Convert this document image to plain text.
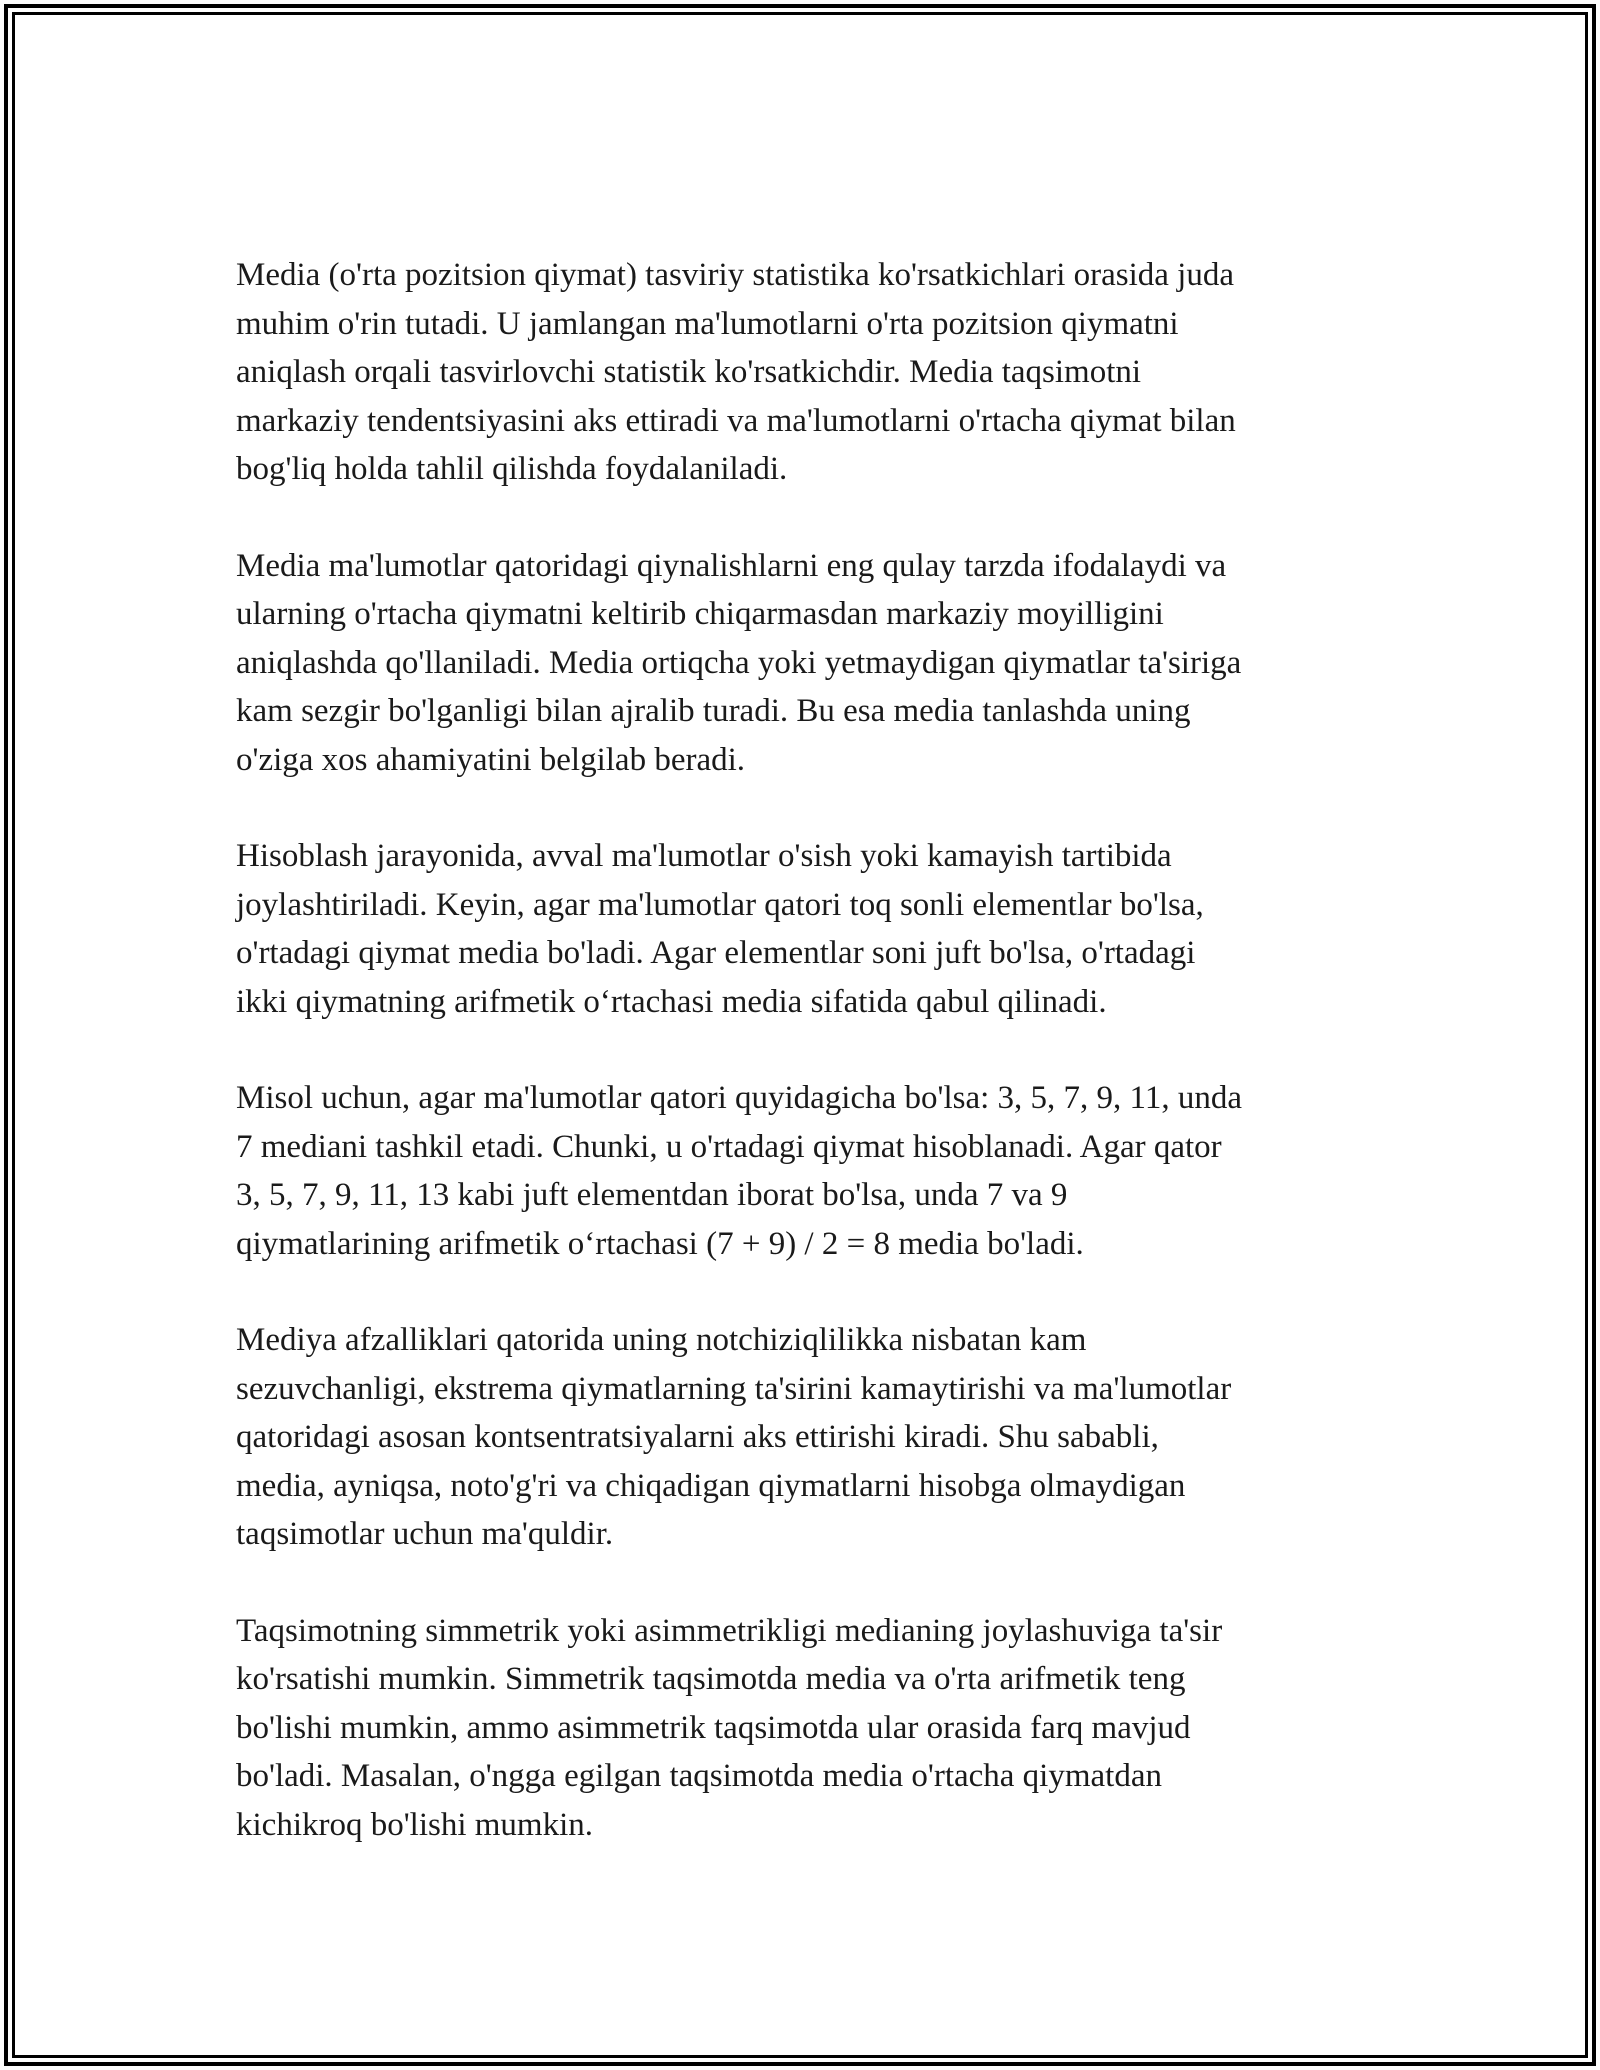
Media (o'rta pozitsion qiymat) tasviriy statistika ko'rsatkichlari orasida juda
muhim o'rin tutadi. U jamlangan ma'lumotlarni o'rta pozitsion qiymatni
aniqlash orqali tasvirlovchi statistik ko'rsatkichdir. Media taqsimotni
markaziy tendentsiyasini aks ettiradi va ma'lumotlarni o'rtacha qiymat bilan
bog'liq holda tahlil qilishda foydalaniladi.

Media ma'lumotlar qatoridagi qiynalishlarni eng qulay tarzda ifodalaydi va
ularning o'rtacha qiymatni keltirib chiqarmasdan markaziy moyilligini
aniqlashda qo'llaniladi. Media ortiqcha yoki yetmaydigan qiymatlar ta'siriga
kam sezgir bo'lganligi bilan ajralib turadi. Bu esa media tanlashda uning
o'ziga xos ahamiyatini belgilab beradi.

Hisoblash jarayonida, avval ma'lumotlar o'sish yoki kamayish tartibida
joylashtiriladi. Keyin, agar ma'lumotlar qatori toq sonli elementlar bo'lsa,
o'rtadagi qiymat media bo'ladi. Agar elementlar soni juft bo'lsa, o'rtadagi
ikki qiymatning arifmetik o‘rtachasi media sifatida qabul qilinadi.

Misol uchun, agar ma'lumotlar qatori quyidagicha bo'lsa: 3, 5, 7, 9, 11, unda
7 mediani tashkil etadi. Chunki, u o'rtadagi qiymat hisoblanadi. Agar qator
3, 5, 7, 9, 11, 13 kabi juft elementdan iborat bo'lsa, unda 7 va 9
qiymatlarining arifmetik o‘rtachasi (7 + 9) / 2 = 8 media bo'ladi.

Mediya afzalliklari qatorida uning notchiziqlilikka nisbatan kam
sezuvchanligi, ekstrema qiymatlarning ta'sirini kamaytirishi va ma'lumotlar
qatoridagi asosan kontsentratsiyalarni aks ettirishi kiradi. Shu sababli,
media, ayniqsa, noto'g'ri va chiqadigan qiymatlarni hisobga olmaydigan
taqsimotlar uchun ma'quldir.

Taqsimotning simmetrik yoki asimmetrikligi medianing joylashuviga ta'sir
ko'rsatishi mumkin. Simmetrik taqsimotda media va o'rta arifmetik teng
bo'lishi mumkin, ammo asimmetrik taqsimotda ular orasida farq mavjud
bo'ladi. Masalan, o'ngga egilgan taqsimotda media o'rtacha qiymatdan
kichikroq bo'lishi mumkin.
